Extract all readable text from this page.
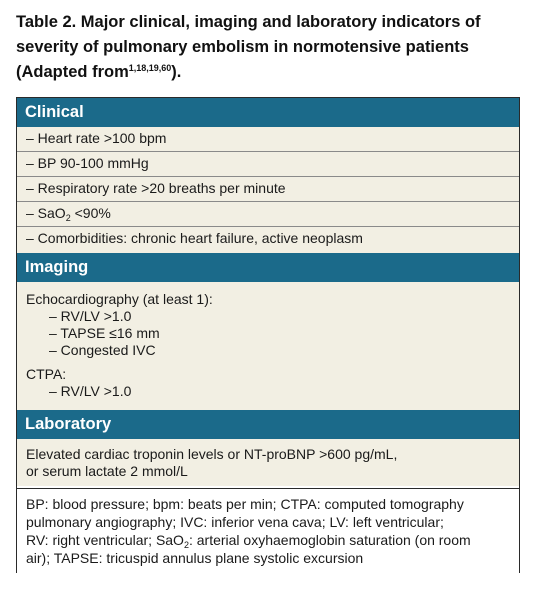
Table 2. Major clinical, imaging and laboratory indicators of severity of pulmonary embolism in normotensive patients (Adapted from$^{1,18,19,60}$).
Clinical
– Heart rate >100 bpm
– BP 90-100 mmHg
– Respiratory rate >20 breaths per minute
– SaO$_2$ <90%
– Comorbidities: chronic heart failure, active neoplasm
Imaging
Echocardiography (at least 1):
– RV/LV >1.0
– TAPSE ≤16 mm
– Congested IVC
CTPA:
– RV/LV >1.0
Laboratory
Elevated cardiac troponin levels or NT-proBNP >600 pg/mL,
or serum lactate 2 mmol/L
BP: blood pressure; bpm: beats per min; CTPA: computed tomography
pulmonary angiography; IVC: inferior vena cava; LV: left ventricular;
RV: right ventricular; SaO$_2$: arterial oxyhaemoglobin saturation (on room
air); TAPSE: tricuspid annulus plane systolic excursion
